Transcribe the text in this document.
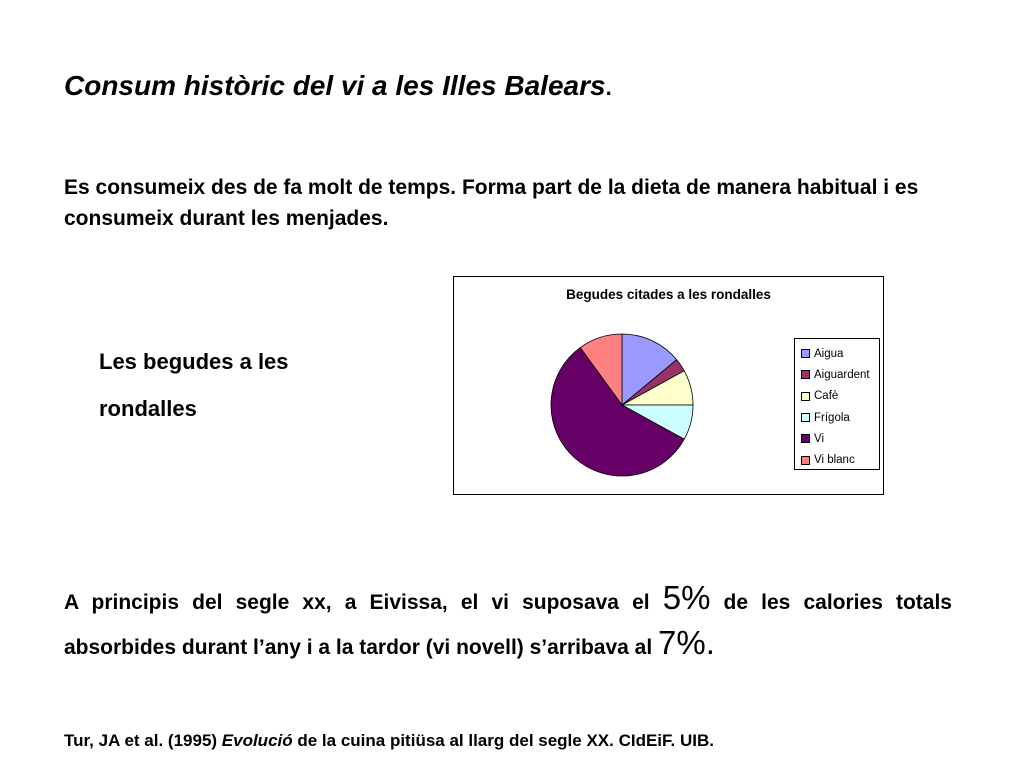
Consum històric del vi a les Illes Balears.
Es consumeix des de fa molt de temps. Forma part de la dieta de manera habitual i es consumeix durant les menjades.
Les begudes a les
rondalles
Begudes citades a les rondalles
Aigua
Aiguardent
Cafè
Frígola
Vi
Vi blanc
A principis del segle xx, a Eivissa, el vi suposava el 5% de les calories totals absorbides durant l’any i a la tardor (vi novell) s’arribava al 7%.
Tur, JA et al. (1995) Evolució de la cuina pitiüsa al llarg del segle XX. CIdEiF. UIB.
